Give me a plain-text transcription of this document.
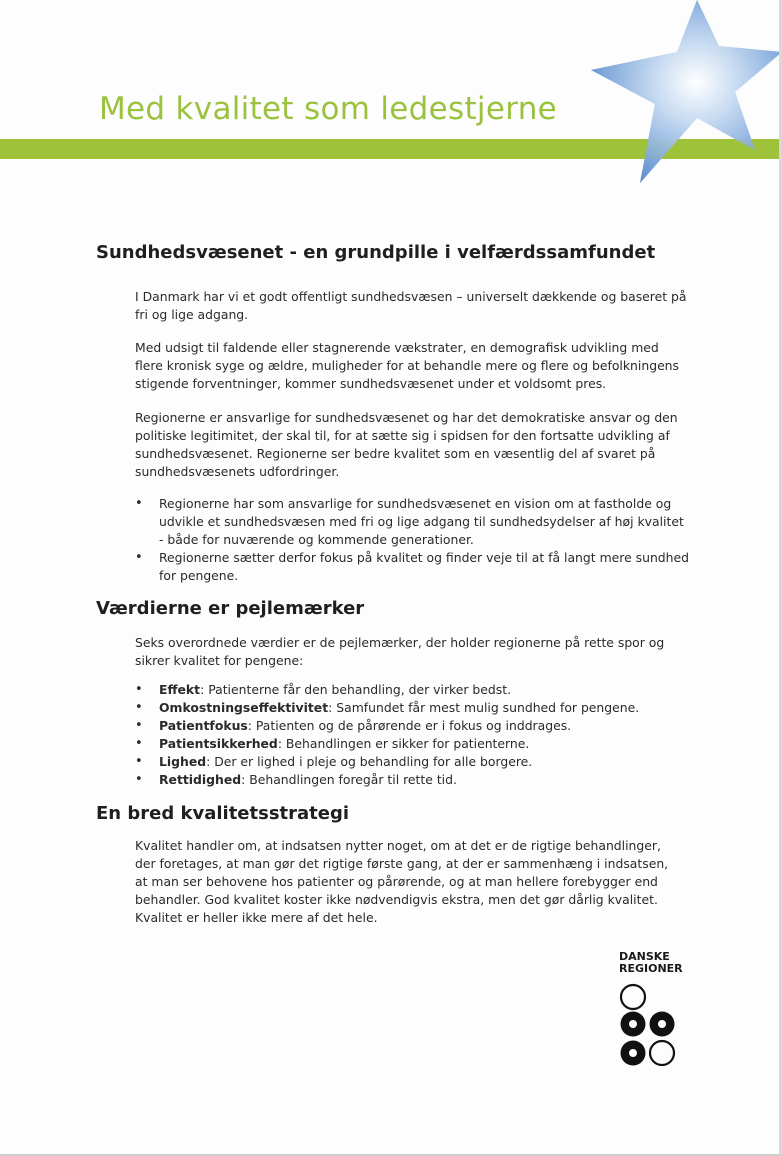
Med kvalitet som ledestjerne
Sundhedsvæsenet - en grundpille i velfærdssamfundet

I Danmark har vi et godt offentligt sundhedsvæsen – universelt dækkende og baseret på fri og lige adgang.

Med udsigt til faldende eller stagnerende vækstrater, en demografisk udvikling med flere kronisk syge og ældre, muligheder for at behandle mere og flere og befolkningens stigende forventninger, kommer sundhedsvæsenet under et voldsomt pres.

Regionerne er ansvarlige for sundhedsvæsenet og har det demokratiske ansvar og den politiske legitimitet, der skal til, for at sætte sig i spidsen for den fortsatte udvikling af sundhedsvæsenet. Regionerne ser bedre kvalitet som en væsentlig del af svaret på sundhedsvæsenets udfordringer.

• Regionerne har som ansvarlige for sundhedsvæsenet en vision om at fastholde og udvikle et sundhedsvæsen med fri og lige adgang til sundhedsydelser af høj kvalitet - både for nuværende og kommende generationer.
• Regionerne sætter derfor fokus på kvalitet og finder veje til at få langt mere sundhed for pengene.
Værdierne er pejlemærker

Seks overordnede værdier er de pejlemærker, der holder regionerne på rette spor og sikrer kvalitet for pengene:

• Effekt: Patienterne får den behandling, der virker bedst.
• Omkostningseffektivitet: Samfundet får mest mulig sundhed for pengene.
• Patientfokus: Patienten og de pårørende er i fokus og inddrages.
• Patientsikkerhed: Behandlingen er sikker for patienterne.
• Lighed: Der er lighed i pleje og behandling for alle borgere.
• Rettidighed: Behandlingen foregår til rette tid.
En bred kvalitetsstrategi

Kvalitet handler om, at indsatsen nytter noget, om at det er de rigtige behandlinger, der foretages, at man gør det rigtige første gang, at der er sammenhæng i indsatsen, at man ser behovene hos patienter og pårørende, og at man hellere forebygger end behandler. God kvalitet koster ikke nødvendigvis ekstra, men det gør dårlig kvalitet. Kvalitet er heller ikke mere af det hele.

DANSKE
REGIONER
